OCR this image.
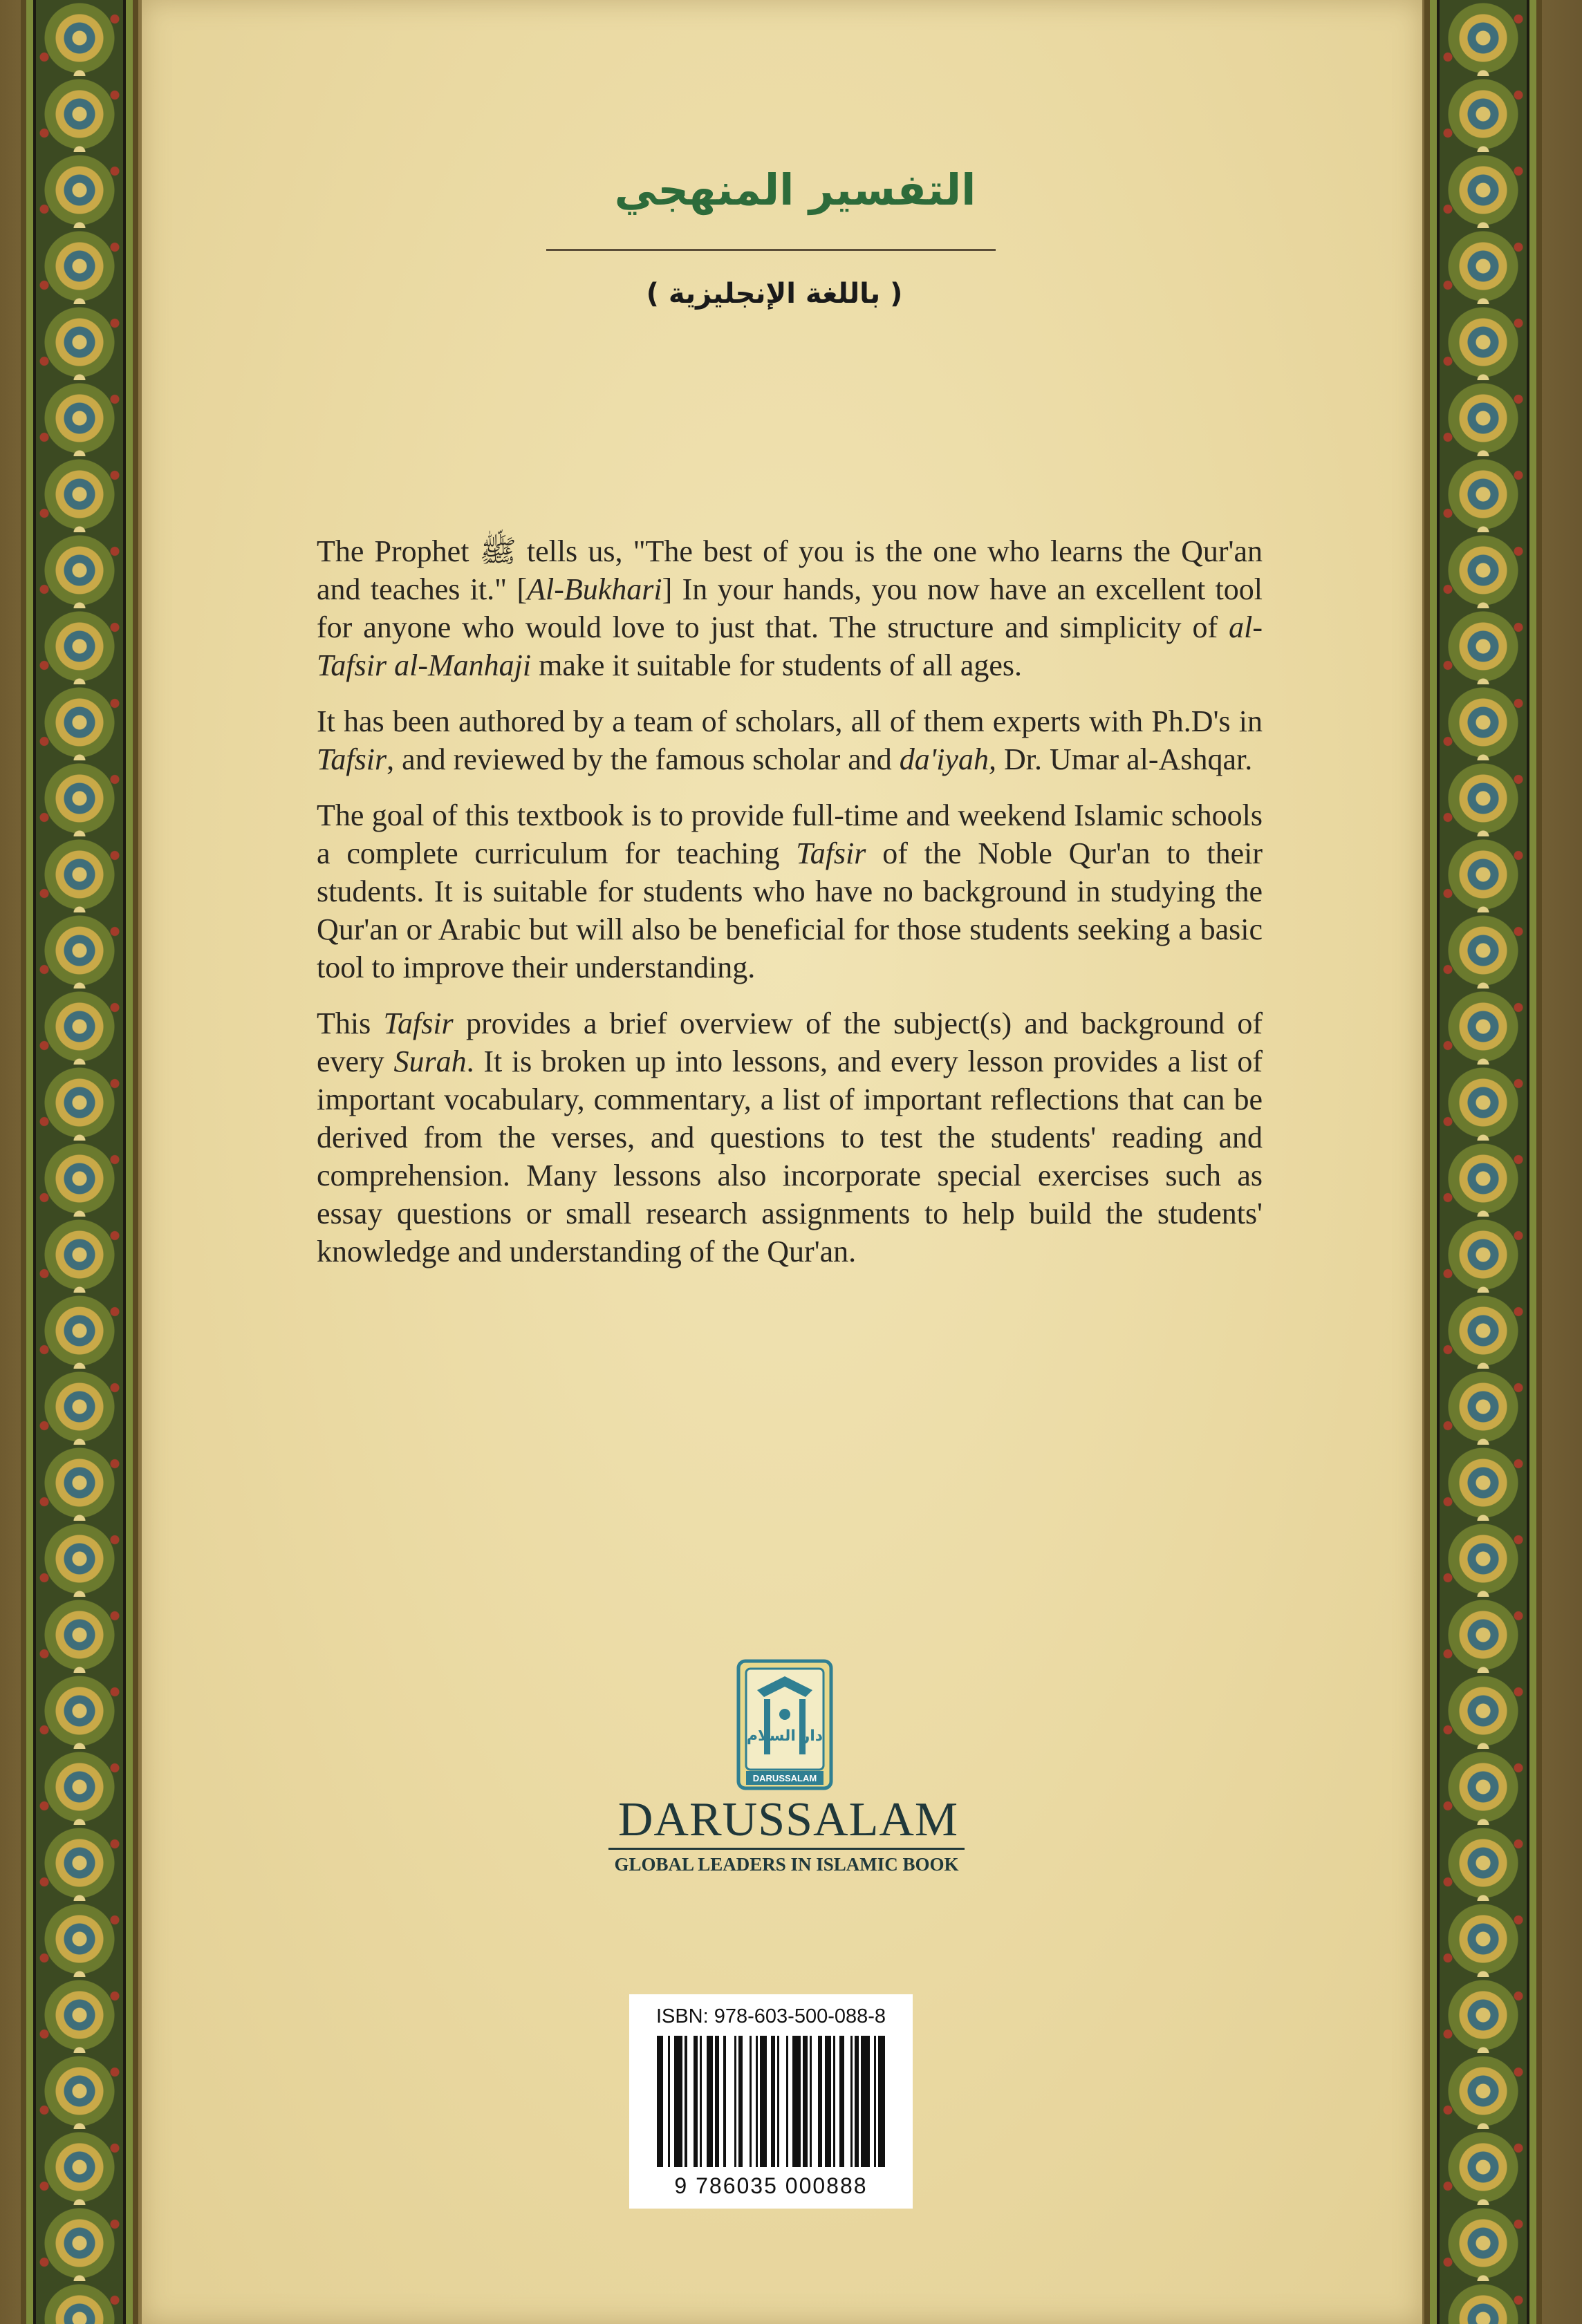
التفسير المنهجي
( باللغة الإنجليزية )

The Prophet ﷺ tells us, "The best of you is the one who learns the Qur'an and teaches it." [Al-Bukhari] In your hands, you now have an excellent tool for anyone who would love to just that. The structure and simplicity of al-Tafsir al-Manhaji make it suitable for students of all ages.

It has been authored by a team of scholars, all of them experts with Ph.D's in Tafsir, and reviewed by the famous scholar and da'iyah, Dr. Umar al-Ashqar.

The goal of this textbook is to provide full-time and weekend Islamic schools a complete curriculum for teaching Tafsir of the Noble Qur'an to their students. It is suitable for students who have no background in studying the Qur'an or Arabic but will also be beneficial for those students seeking a basic tool to improve their understanding.

This Tafsir provides a brief overview of the subject(s) and background of every Surah. It is broken up into lessons, and every lesson provides a list of important vocabulary, commentary, a list of important reflections that can be derived from the verses, and questions to test the students' reading and comprehension. Many lessons also incorporate special exercises such as essay questions or small research assignments to help build the students' knowledge and understanding of the Qur'an.

دار السلام
DARUSSALAM
DARUSSALAM
GLOBAL LEADERS IN ISLAMIC BOOK
ISBN: 978-603-500-088-8
9 786035 000888
